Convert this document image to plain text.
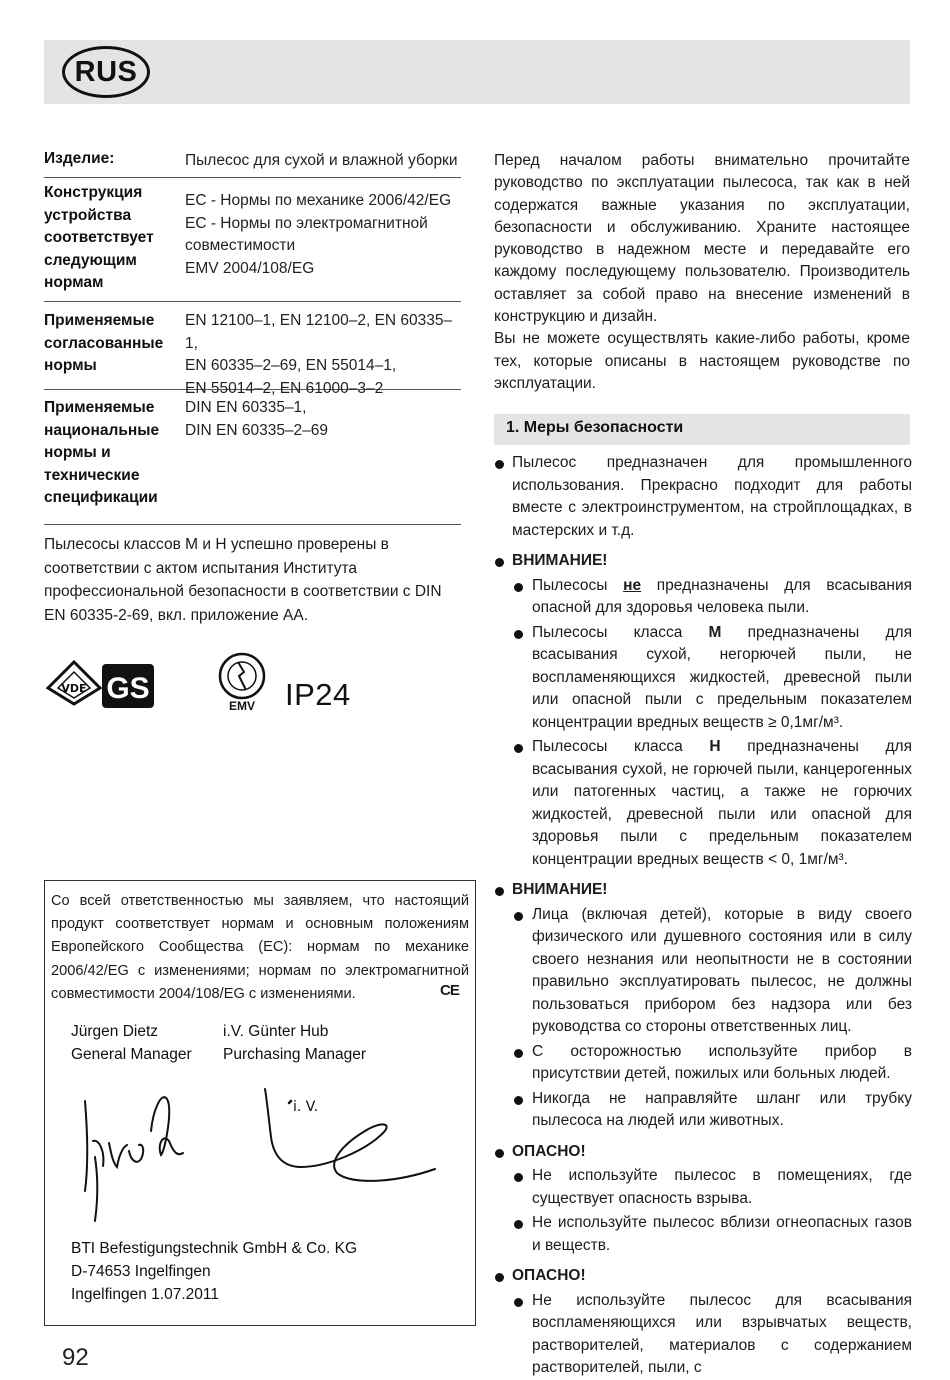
RUS
Изделие:	Пылесос для сухой и влажной уборки
Конструкция устройства соответствует следующим нормам
ЕС - Нормы по механике 2006/42/EG
ЕС - Нормы по электромагнитной совместимости
EMV 2004/108/EG
Применяемые согласованные нормы
EN 12100–1, EN 12100–2, EN 60335–1,
EN 60335–2–69, EN 55014–1,
EN 55014–2, EN 61000–3–2
Применяемые национальные нормы и технические спецификации
DIN EN 60335–1,
DIN EN 60335–2–69
Пылесосы классов М и Н успешно проверены в соответствии с актом испытания Института профессиональной безопасности в соответствии с DIN EN 60335-2-69, вкл. приложение АА.
VDE GS
EMV IP24
Со всей ответственностью мы заявляем, что настоящий продукт соответствует нормам и основным положениям Европейского Сообщества (ЕС): нормам по механике 2006/42/EG с изменениями; нормам по электромагнитной совместимости 2004/108/EG с изменениями.	CE
Jürgen Dietz
General Manager
i.V. Günter Hub
Purchasing Manager
i. V.
BTI Befestigungstechnik GmbH & Co. KG
D-74653 Ingelfingen
Ingelfingen 1.07.2011
92

Перед началом работы внимательно прочитайте руководство по эксплуатации пылесоса, так как в ней содержатся важные указания по эксплуатации, безопасности и обслуживанию. Храните настоящее руководство в надежном месте и передавайте его каждому последующему пользователю. Производитель оставляет за собой право на внесение изменений в конструкцию и дизайн.

Вы не можете осуществлять какие-либо работы, кроме тех, которые описаны в настоящем руководстве по эксплуатации.

1. Меры безопасности
Пылесос предназначен для промышленного использования. Прекрасно подходит для работы вместе с электроинструментом, на стройплощадках, в мастерских и т.д.
ВНИМАНИЕ!
Пылесосы не предназначены для всасывания опасной для здоровья человека пыли.
Пылесосы класса М предназначены для всасывания сухой, негорючей пыли, не воспламеняющихся жидкостей, древесной пыли или опасной пыли с предельным показателем концентрации вредных веществ ≥ 0,1мг/м³.
Пылесосы класса Н предназначены для всасывания сухой, не горючей пыли, канцерогенных или патогенных частиц, а также не горючих жидкостей, древесной пыли или опасной для здоровья пыли с предельным показателем концентрации вредных веществ < 0, 1мг/м³.
ВНИМАНИЕ!
Лица (включая детей), которые в виду своего физического или душевного состояния или в силу своего незнания или неопытности не в состоянии правильно эксплуатировать пылесос, не должны пользоваться прибором без надзора или без руководства со стороны ответственных лиц.
С осторожностью используйте прибор в присутствии детей, пожилых или больных людей.
Никогда не направляйте шланг или трубку пылесоса на людей или животных.
ОПАСНО!
Не используйте пылесос в помещениях, где существует опасность взрыва.
Не используйте пылесос вблизи огнеопасных газов и веществ.
ОПАСНО!
Не используйте пылесос для всасывания воспламеняющихся или взрывчатых веществ, растворителей, материалов с содержанием растворителей, пыли, с
